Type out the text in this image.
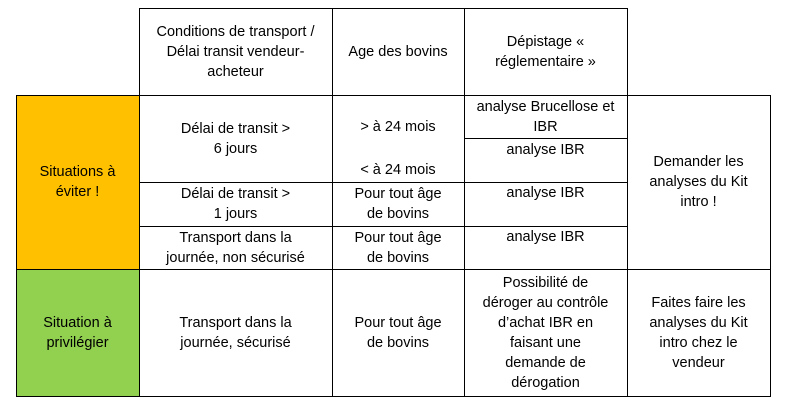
Situations à éviter !
Situation à privilégier
Conditions de transport / Délai transit vendeur-acheteur
Age des bovins
Dépistage « réglementaire »
Délai de transit > 6 jours
> à 24 mois
analyse Brucellose et IBR
< à 24 mois
analyse IBR
Délai de transit > 1 jours
Pour tout âge de bovins
analyse IBR
Transport dans la journée, non sécurisé
Pour tout âge de bovins
analyse IBR
Demander les analyses du Kit intro !
Transport dans la journée, sécurisé
Pour tout âge de bovins
Possibilité de déroger au contrôle d’achat IBR en faisant une demande de dérogation
Faites faire les analyses du Kit intro chez le vendeur
